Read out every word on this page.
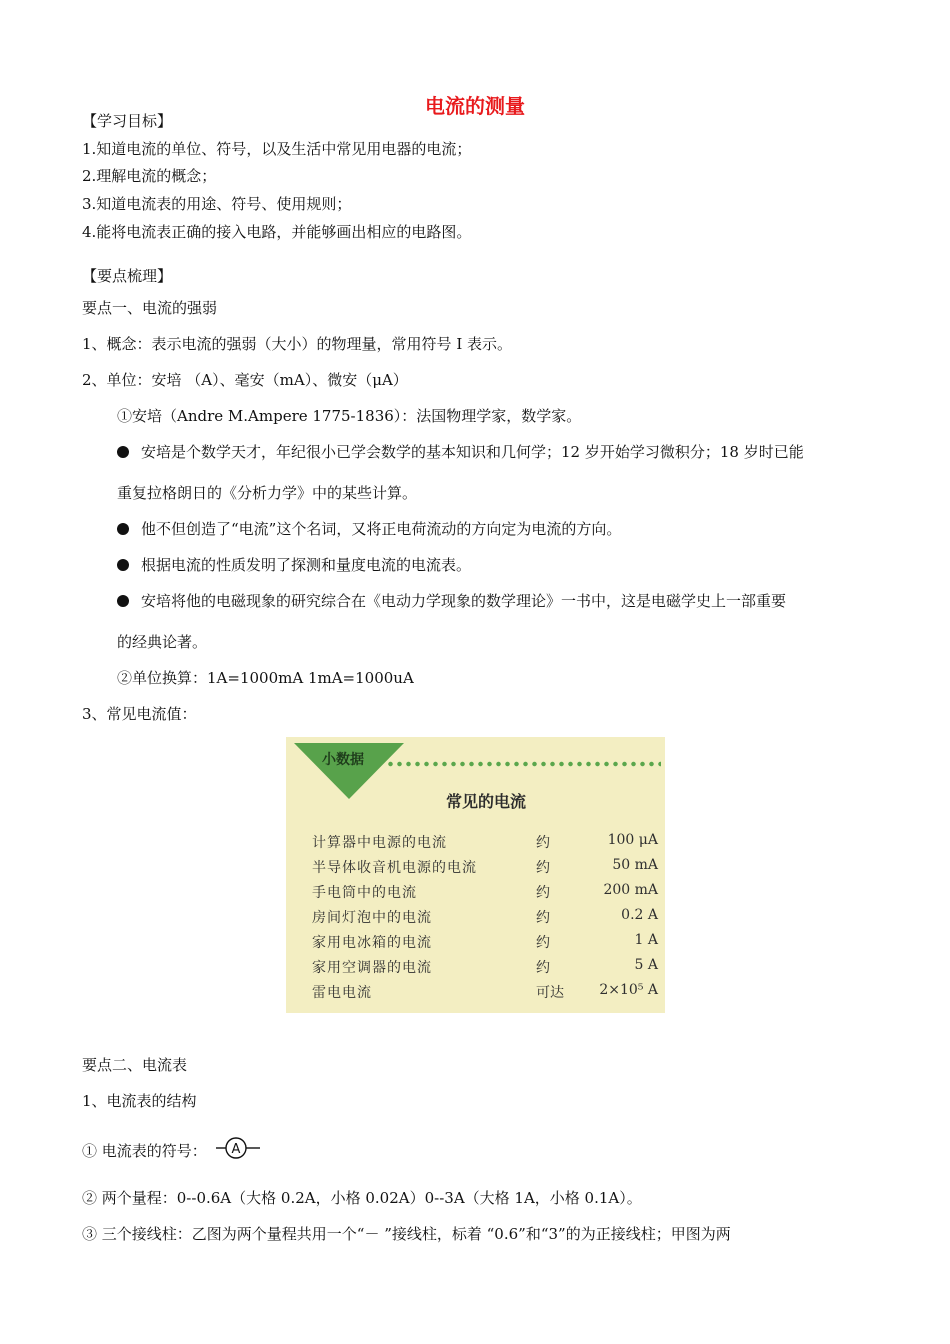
电流的测量
【学习目标】
1.知道电流的单位、符号，以及生活中常见用电器的电流；
2.理解电流的概念；
3.知道电流表的用途、符号、使用规则；
4.能将电流表正确的接入电路，并能够画出相应的电路图。
【要点梳理】
要点一、电流的强弱
1、概念：表示电流的强弱（大小）的物理量，常用符号 I 表示。
2、单位：安培 （A）、毫安（mA）、微安（μA）
①安培（Andre M.Ampere 1775-1836）：法国物理学家，数学家。
安培是个数学天才，年纪很小已学会数学的基本知识和几何学；12 岁开始学习微积分；18 岁时已能
重复拉格朗日的《分析力学》中的某些计算。
他不但创造了“电流”这个名词，又将正电荷流动的方向定为电流的方向。
根据电流的性质发明了探测和量度电流的电流表。
安培将他的电磁现象的研究综合在《电动力学现象的数学理论》一书中，这是电磁学史上一部重要
的经典论著。
②单位换算：1A=1000mA 1mA=1000uA
3、常见电流值：
小数据
常见的电流
计算器中电源的电流	约	100 μA
半导体收音机电源的电流	约	50 mA
手电筒中的电流	约	200 mA
房间灯泡中的电流	约	0.2 A
家用电冰箱的电流	约	1 A
家用空调器的电流	约	5 A
雷电电流	可达	2×10⁵ A
要点二、电流表
1、电流表的结构
① 电流表的符号： A
② 两个量程：0--0.6A（大格 0.2A，小格 0.02A）0--3A（大格 1A，小格 0.1A）。
③ 三个接线柱：乙图为两个量程共用一个“－ ”接线柱，标着 “0.6”和“3”的为正接线柱；甲图为两
